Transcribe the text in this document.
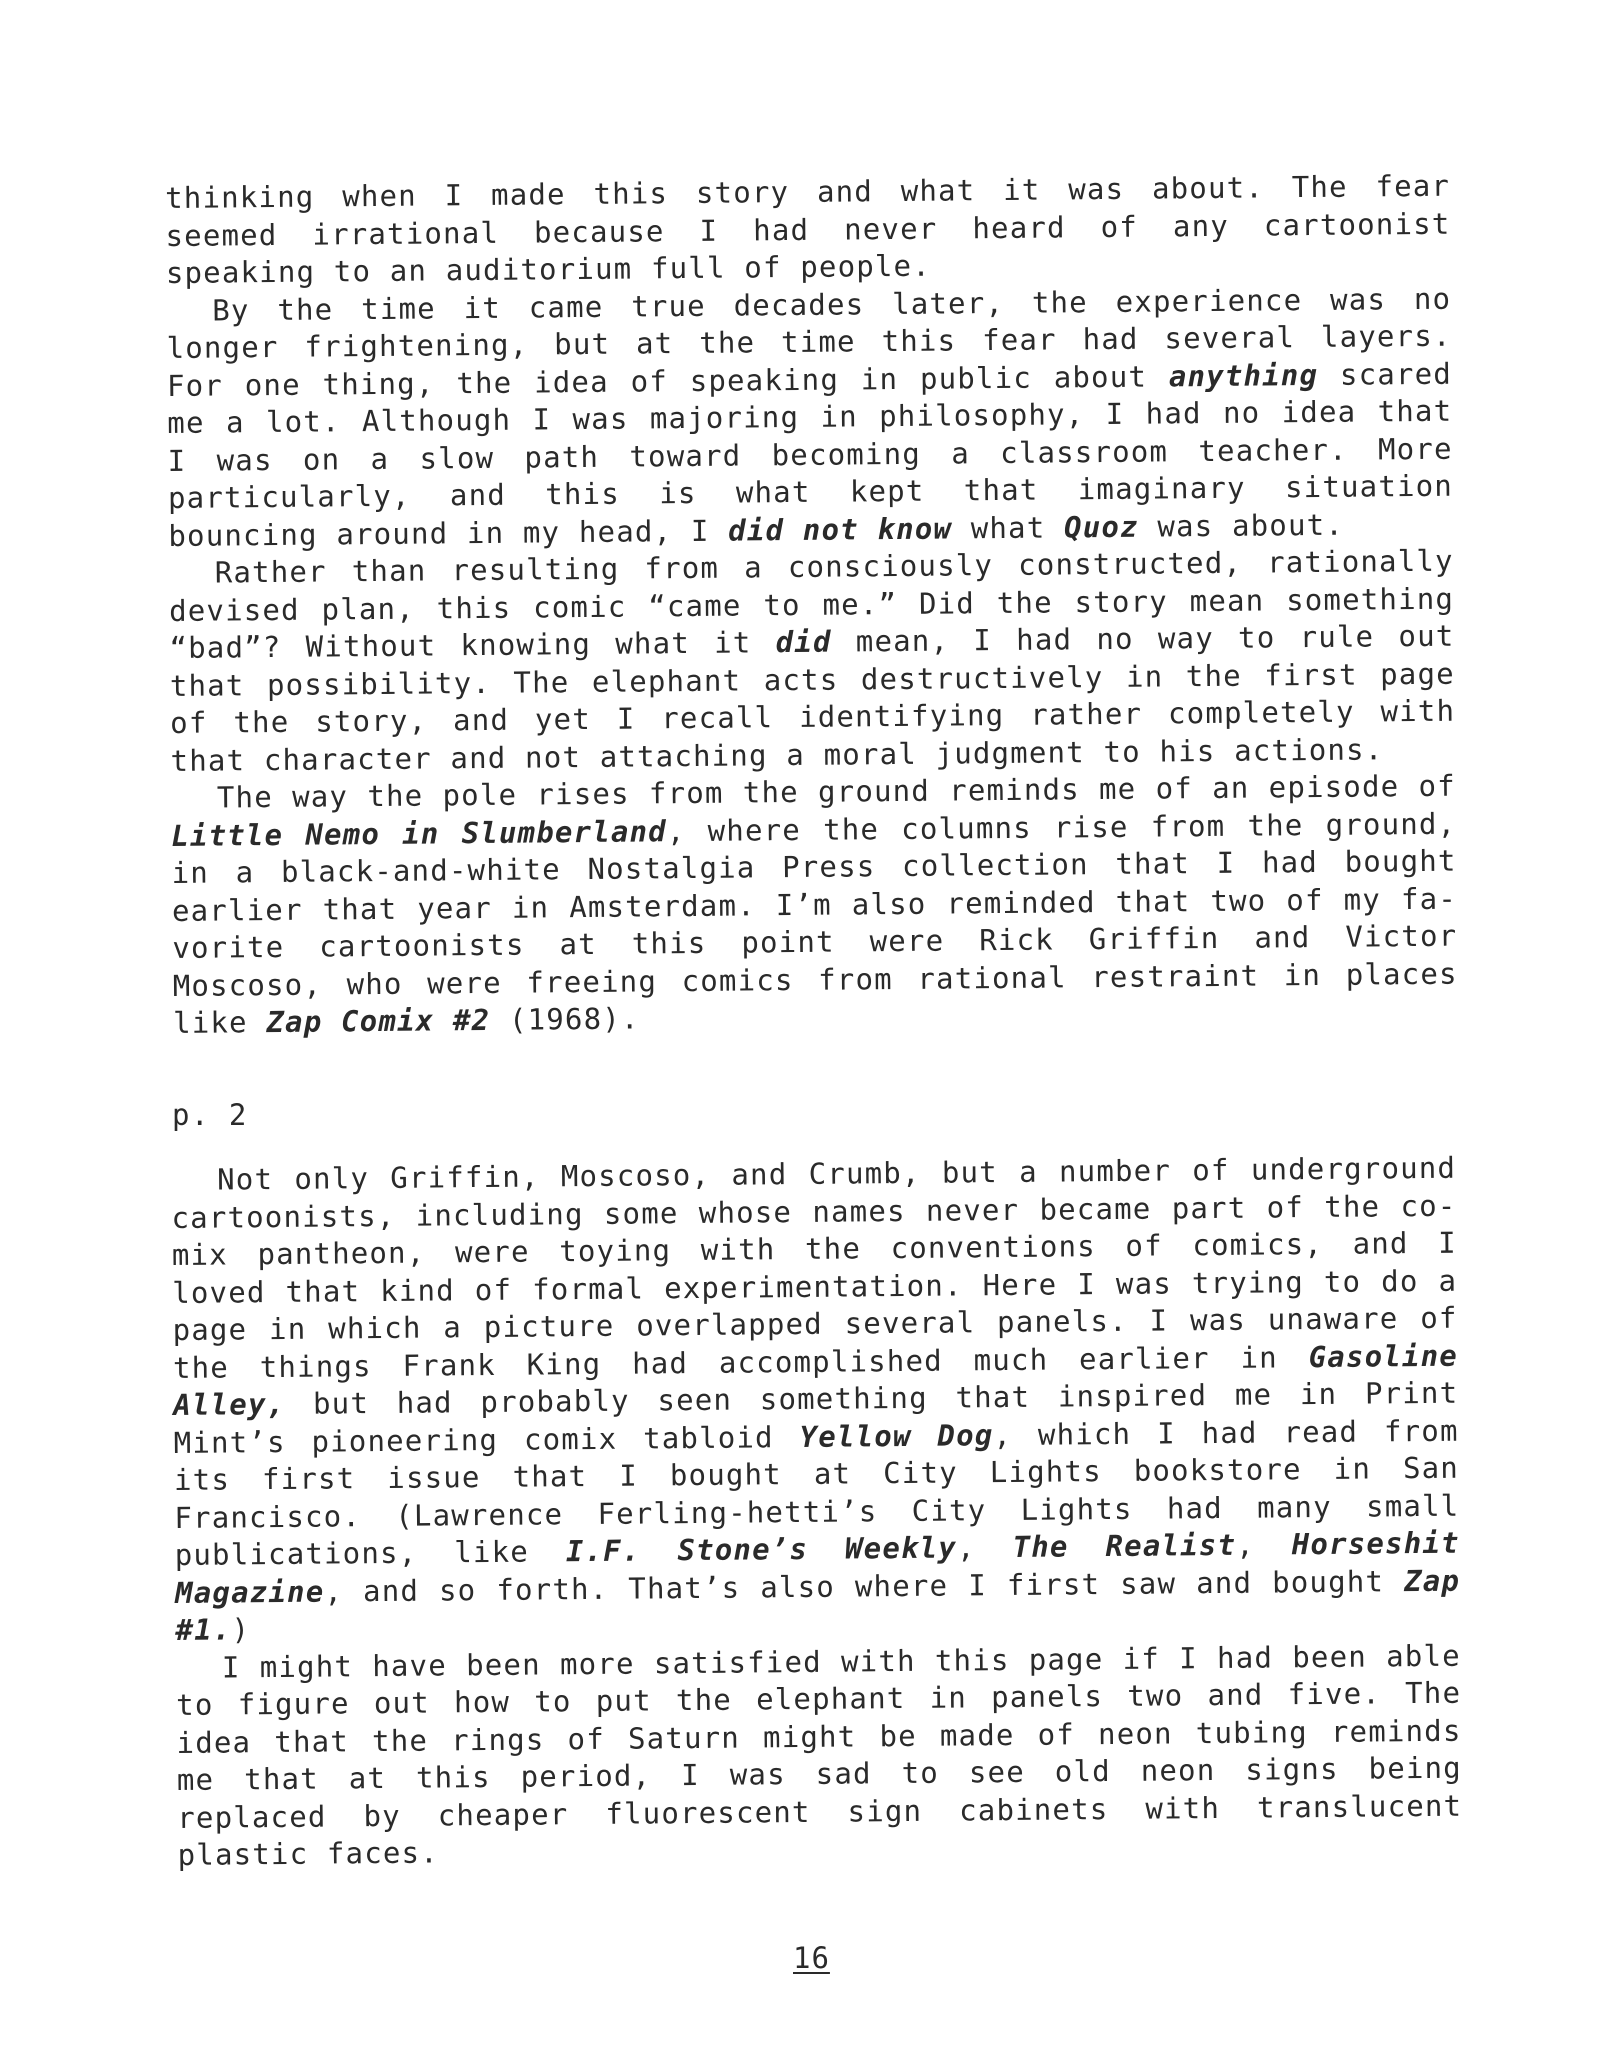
thinking when I made this story and what it was about. The fear seemed irrational because I had never heard of any cartoonist speaking to an auditorium full of people.

By the time it came true decades later, the experience was no longer frightening, but at the time this fear had several layers. For one thing, the idea of speaking in public about anything scared me a lot. Although I was majoring in philosophy, I had no idea that I was on a slow path toward becoming a classroom teacher. More particularly, and this is what kept that imaginary situation bouncing around in my head, I did not know what Quoz was about.

Rather than resulting from a consciously constructed, rationally devised plan, this comic “came to me.” Did the story mean something “bad”? Without knowing what it did mean, I had no way to rule out that possibility. The elephant acts destructively in the first page of the story, and yet I recall identifying rather completely with that character and not attaching a moral judgment to his actions.

The way the pole rises from the ground reminds me of an episode of Little Nemo in Slumberland, where the columns rise from the ground, in a black-and-white Nostalgia Press collection that I had bought earlier that year in Amsterdam. I’m also reminded that two of my fa-vorite cartoonists at this point were Rick Griffin and Victor Moscoso, who were freeing comics from rational restraint in places like Zap Comix #2 (1968).

p. 2

Not only Griffin, Moscoso, and Crumb, but a number of underground cartoonists, including some whose names never became part of the co-mix pantheon, were toying with the conventions of comics, and I loved that kind of formal experimentation. Here I was trying to do a page in which a picture overlapped several panels. I was unaware of the things Frank King had accomplished much earlier in Gasoline Alley, but had probably seen something that inspired me in Print Mint’s pioneering comix tabloid Yellow Dog, which I had read from its first issue that I bought at City Lights bookstore in San Francisco. (Lawrence Ferling-hetti’s City Lights had many small publications, like I.F. Stone’s Weekly, The Realist, Horseshit Magazine, and so forth. That’s also where I first saw and bought Zap #1.)

I might have been more satisfied with this page if I had been able to figure out how to put the elephant in panels two and five. The idea that the rings of Saturn might be made of neon tubing reminds me that at this period, I was sad to see old neon signs being replaced by cheaper fluorescent sign cabinets with translucent plastic faces.

16
